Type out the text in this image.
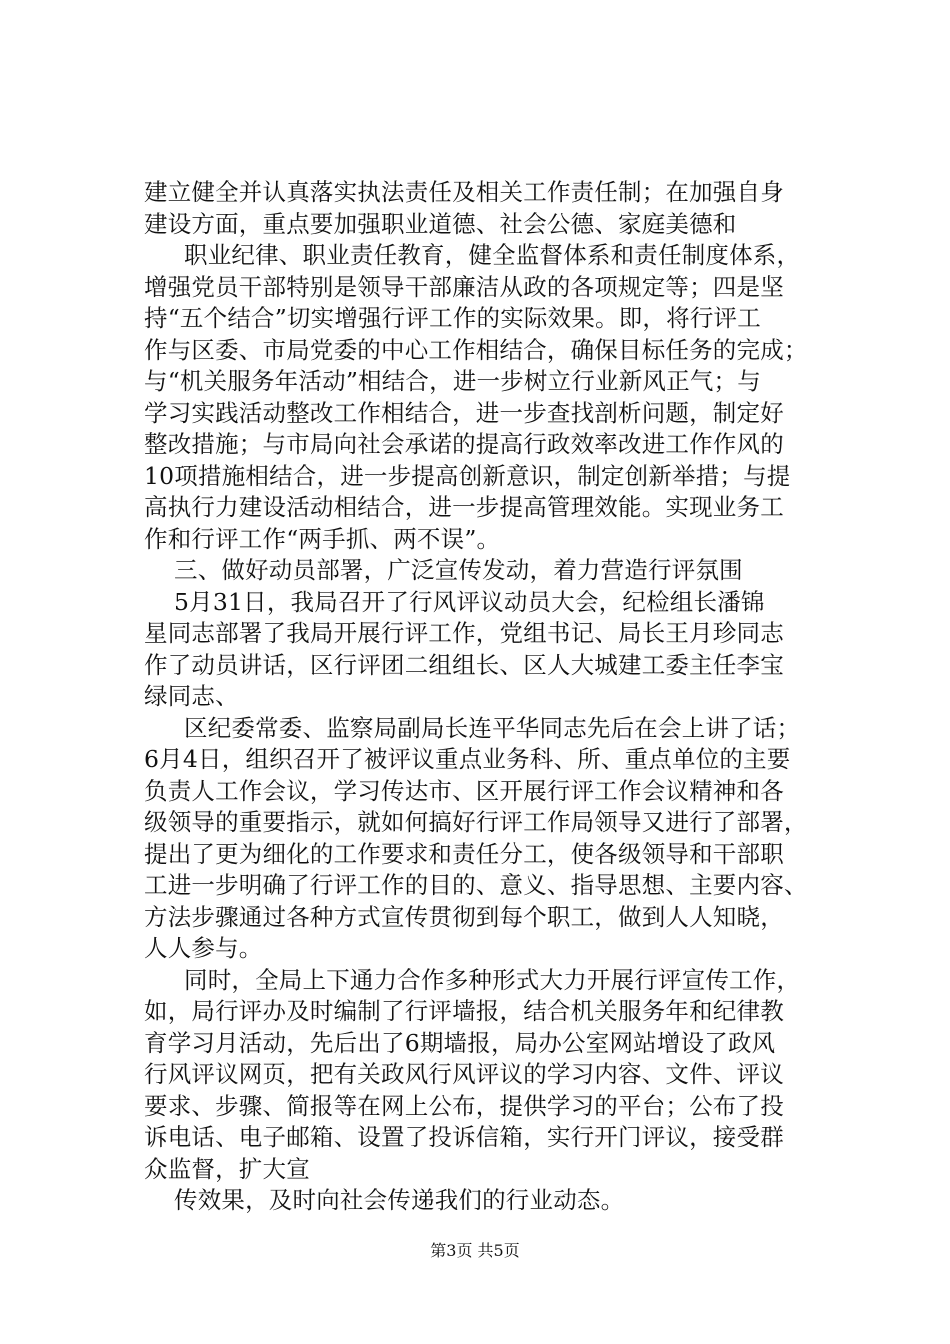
建立健全并认真落实执法责任及相关工作责任制；在加强自身
建设方面，重点要加强职业道德、社会公德、家庭美德和
职业纪律、职业责任教育，健全监督体系和责任制度体系，
增强党员干部特别是领导干部廉洁从政的各项规定等；四是坚
持“五个结合”切实增强行评工作的实际效果。即，将行评工
作与区委、市局党委的中心工作相结合，确保目标任务的完成；
与“机关服务年活动”相结合，进一步树立行业新风正气；与
学习实践活动整改工作相结合，进一步查找剖析问题，制定好
整改措施；与市局向社会承诺的提高行政效率改进工作作风的
10项措施相结合，进一步提高创新意识，制定创新举措；与提
高执行力建设活动相结合，进一步提高管理效能。实现业务工
作和行评工作“两手抓、两不误”。
三、做好动员部署，广泛宣传发动，着力营造行评氛围
5月31日，我局召开了行风评议动员大会，纪检组长潘锦
星同志部署了我局开展行评工作，党组书记、局长王月珍同志
作了动员讲话，区行评团二组组长、区人大城建工委主任李宝
绿同志、
区纪委常委、监察局副局长连平华同志先后在会上讲了话；
6月4日，组织召开了被评议重点业务科、所、重点单位的主要
负责人工作会议，学习传达市、区开展行评工作会议精神和各
级领导的重要指示，就如何搞好行评工作局领导又进行了部署，
提出了更为细化的工作要求和责任分工，使各级领导和干部职
工进一步明确了行评工作的目的、意义、指导思想、主要内容、
方法步骤通过各种方式宣传贯彻到每个职工，做到人人知晓，
人人参与。
同时，全局上下通力合作多种形式大力开展行评宣传工作，
如，局行评办及时编制了行评墙报，结合机关服务年和纪律教
育学习月活动，先后出了6期墙报，局办公室网站增设了政风
行风评议网页，把有关政风行风评议的学习内容、文件、评议
要求、步骤、简报等在网上公布，提供学习的平台；公布了投
诉电话、电子邮箱、设置了投诉信箱，实行开门评议，接受群
众监督，扩大宣
传效果，及时向社会传递我们的行业动态。
第3页 共5页
